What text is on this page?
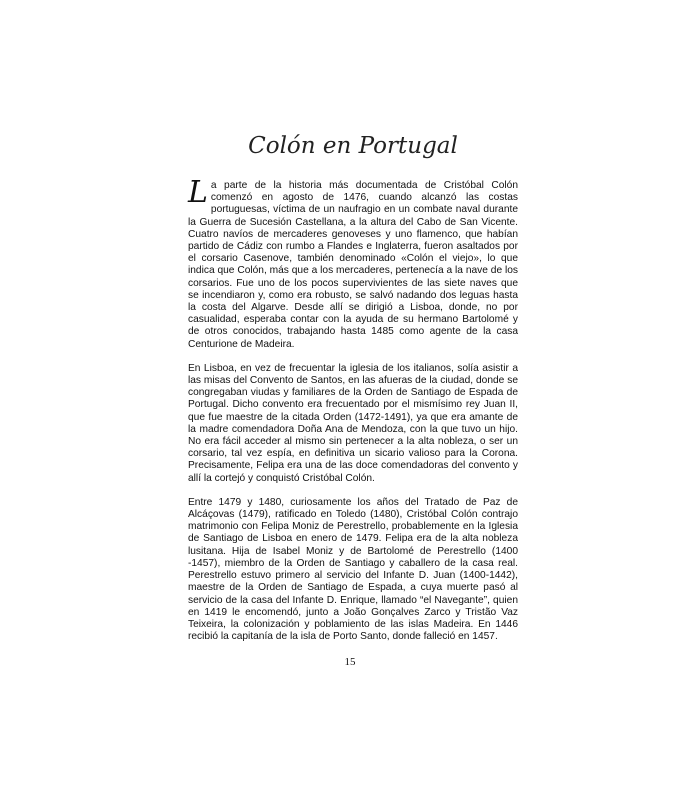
Colón en Portugal

La parte de la historia más documentada de Cristóbal Colón comenzó en agosto de 1476, cuando alcanzó las costas portuguesas, víctima de un naufragio en un combate naval durante la Guerra de Sucesión Castellana, a la altura del Cabo de San Vicente. Cuatro navíos de mercaderes genoveses y uno flamenco, que habían partido de Cádiz con rumbo a Flandes e Inglaterra, fueron asaltados por el corsario Casenove, también denominado «Colón el viejo», lo que indica que Colón, más que a los mercaderes, pertenecía a la nave de los corsarios. Fue uno de los pocos supervivientes de las siete naves que se incendiaron y, como era robusto, se salvó nadando dos leguas hasta la costa del Algarve. Desde allí se dirigió a Lisboa, donde, no por casualidad, esperaba contar con la ayuda de su hermano Bartolomé y de otros conocidos, trabajando hasta 1485 como agente de la casa Centurione de Madeira.

En Lisboa, en vez de frecuentar la iglesia de los italianos, solía asistir a las misas del Convento de Santos, en las afueras de la ciudad, donde se congregaban viudas y familiares de la Orden de Santiago de Espada de Portugal. Dicho convento era frecuentado por el mismísimo rey Juan II, que fue maestre de la citada Orden (1472-1491), ya que era amante de la madre comendadora Doña Ana de Mendoza, con la que tuvo un hijo. No era fácil acceder al mismo sin pertenecer a la alta nobleza, o ser un corsario, tal vez espía, en definitiva un sicario valioso para la Corona. Precisamente, Felipa era una de las doce comendadoras del convento y allí la cortejó y conquistó Cristóbal Colón.

Entre 1479 y 1480, curiosamente los años del Tratado de Paz de Alcáçovas (1479), ratificado en Toledo (1480), Cristóbal Colón contrajo matrimonio con Felipa Moniz de Perestrello, probablemente en la Iglesia de Santiago de Lisboa en enero de 1479. Felipa era de la alta nobleza lusitana. Hija de Isabel Moniz y de Bartolomé de Perestrello (1400 -1457), miembro de la Orden de Santiago y caballero de la casa real. Perestrello estuvo primero al servicio del Infante D. Juan (1400-1442), maestre de la Orden de Santiago de Espada, a cuya muerte pasó al servicio de la casa del Infante D. Enrique, llamado “el Navegante”, quien en 1419 le encomendó, junto a João Gonçalves Zarco y Tristão Vaz Teixeira, la colonización y poblamiento de las islas Madeira. En 1446 recibió la capitanía de la isla de Porto Santo, donde falleció en 1457.

15
